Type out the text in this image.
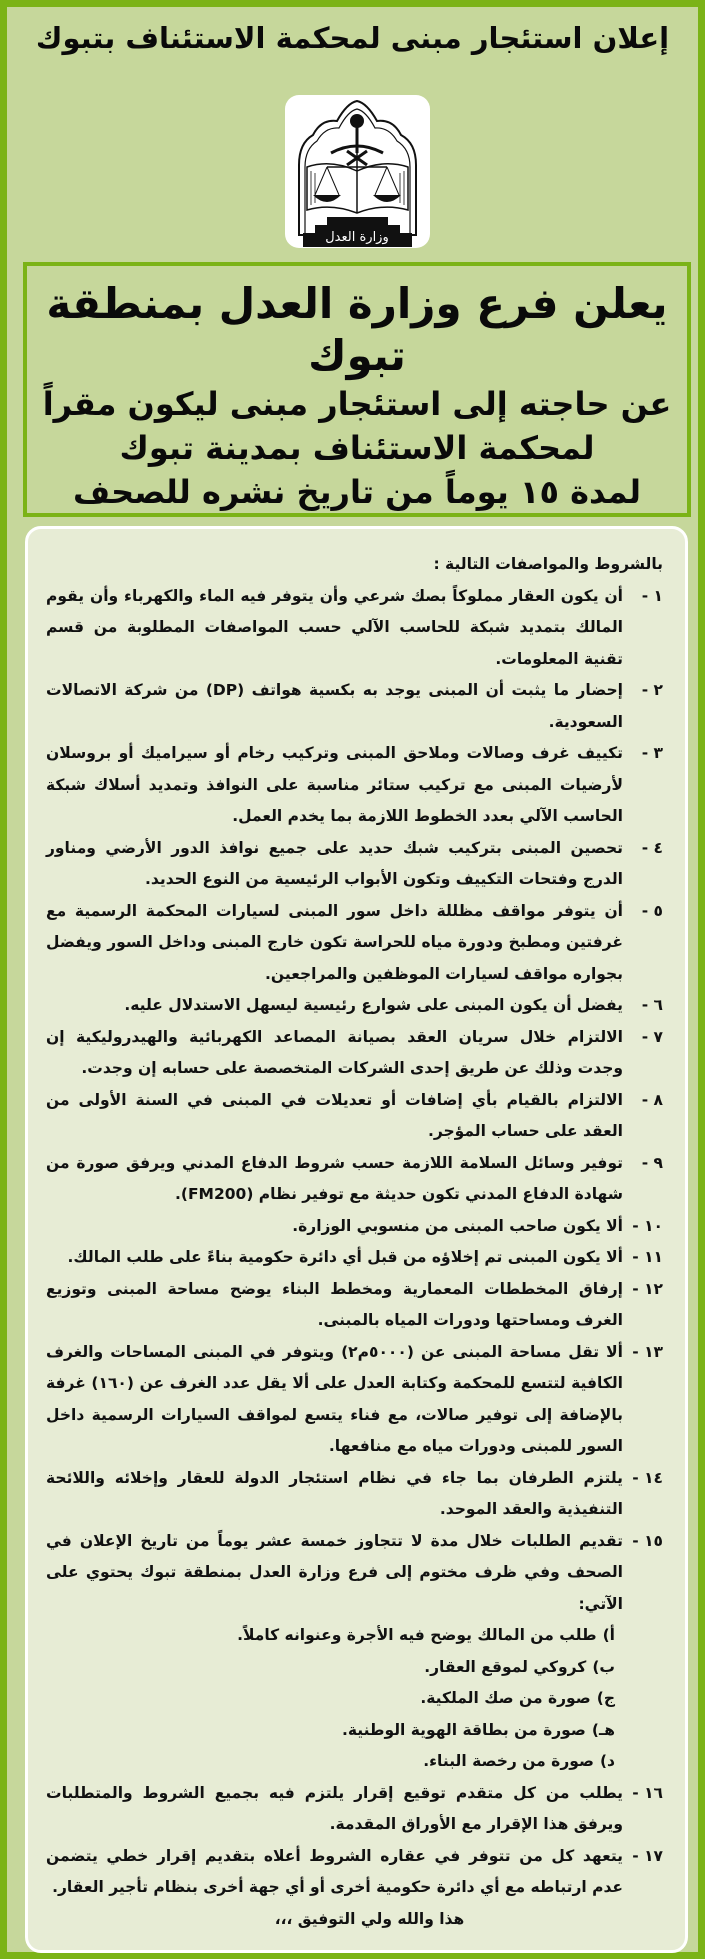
إعلان استئجار مبنى لمحكمة الاستئناف بتبوك
وزارة العدل
يعلن فرع وزارة العدل بمنطقة تبوك
عن حاجته إلى استئجار مبنى ليكون مقراً
لمحكمة الاستئناف بمدينة تبوك
لمدة ١٥ يوماً من تاريخ نشره للصحف
بالشروط والمواصفات التالية :
١ -
أن يكون العقار مملوكاً بصك شرعي وأن يتوفر فيه الماء والكهرباء وأن يقوم المالك بتمديد شبكة للحاسب الآلي حسب المواصفات المطلوبة من قسم تقنية المعلومات.
٢ -
إحضار ما يثبت أن المبنى يوجد به بكسية هواتف (DP) من شركة الاتصالات السعودية.
٣ -
تكييف غرف وصالات وملاحق المبنى وتركيب رخام أو سيراميك أو بروسلان لأرضيات المبنى مع تركيب ستائر مناسبة على النوافذ وتمديد أسلاك شبكة الحاسب الآلي بعدد الخطوط اللازمة بما يخدم العمل.
٤ -
تحصين المبنى بتركيب شبك حديد على جميع نوافذ الدور الأرضي ومناور الدرج وفتحات التكييف وتكون الأبواب الرئيسية من النوع الحديد.
٥ -
أن يتوفر مواقف مظللة داخل سور المبنى لسيارات المحكمة الرسمية مع غرفتين ومطبخ ودورة مياه للحراسة تكون خارج المبنى وداخل السور ويفضل بجواره مواقف لسيارات الموظفين والمراجعين.
٦ -
يفضل أن يكون المبنى على شوارع رئيسية ليسهل الاستدلال عليه.
٧ -
الالتزام خلال سريان العقد بصيانة المصاعد الكهربائية والهيدروليكية إن وجدت وذلك عن طريق إحدى الشركات المتخصصة على حسابه إن وجدت.
٨ -
الالتزام بالقيام بأي إضافات أو تعديلات في المبنى في السنة الأولى من العقد على حساب المؤجر.
٩ -
توفير وسائل السلامة اللازمة حسب شروط الدفاع المدني ويرفق صورة من شهادة الدفاع المدني تكون حديثة مع توفير نظام (FM200).
١٠ -
ألا يكون صاحب المبنى من منسوبي الوزارة.
١١ -
ألا يكون المبنى تم إخلاؤه من قبل أي دائرة حكومية بناءً على طلب المالك.
١٢ -
إرفاق المخططات المعمارية ومخطط البناء يوضح مساحة المبنى وتوزيع الغرف ومساحتها ودورات المياه بالمبنى.
١٣ -
ألا تقل مساحة المبنى عن (٥٠٠٠م٢) ويتوفر في المبنى المساحات والغرف الكافية لتتسع للمحكمة وكتابة العدل على ألا يقل عدد الغرف عن (١٦٠) غرفة بالإضافة إلى توفير صالات، مع فناء يتسع لمواقف السيارات الرسمية داخل السور للمبنى ودورات مياه مع منافعها.
١٤ -
يلتزم الطرفان بما جاء في نظام استئجار الدولة للعقار وإخلائه واللائحة التنفيذية والعقد الموحد.
١٥ -
تقديم الطلبات خلال مدة لا تتجاوز خمسة عشر يوماً من تاريخ الإعلان في الصحف وفي ظرف مختوم إلى فرع وزارة العدل بمنطقة تبوك يحتوي على الآتي:
أ)
طلب من المالك يوضح فيه الأجرة وعنوانه كاملاً.
ب)
كروكي لموقع العقار.
ج)
صورة من صك الملكية.
هـ)
صورة من بطاقة الهوية الوطنية.
د)
صورة من رخصة البناء.
١٦ -
يطلب من كل متقدم توقيع إقرار يلتزم فيه بجميع الشروط والمتطلبات ويرفق هذا الإقرار مع الأوراق المقدمة.
١٧ -
يتعهد كل من تتوفر في عقاره الشروط أعلاه بتقديم إقرار خطي يتضمن عدم ارتباطه مع أي دائرة حكومية أخرى أو أي جهة أخرى بنظام تأجير العقار.
هذا والله ولي التوفيق ،،،
